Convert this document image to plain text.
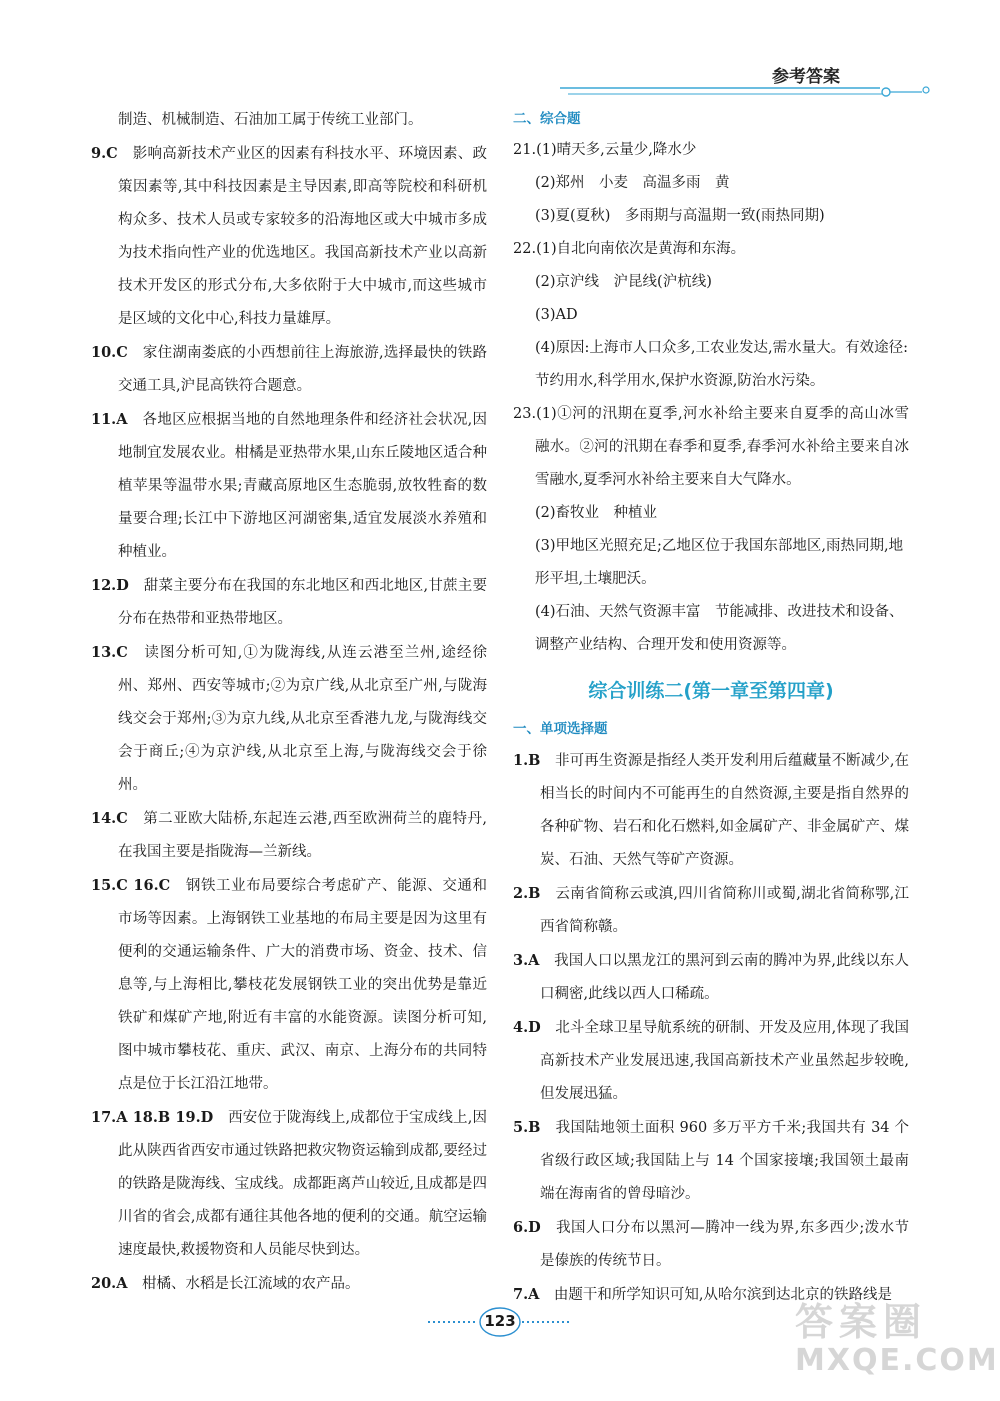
参考答案

制造、机械制造、石油加工属于传统工业部门。

9.C　 影响高新技术产业区的因素有科技水平、环境因素、政策因素等,其中科技因素是主导因素,即高等院校和科研机构众多、技术人员或专家较多的沿海地区或大中城市多成为技术指向性产业的优选地区。我国高新技术产业以高新技术开发区的形式分布,大多依附于大中城市,而这些城市是区域的文化中心,科技力量雄厚。

10.C　 家住湖南娄底的小西想前往上海旅游,选择最快的铁路交通工具,沪昆高铁符合题意。

11.A　 各地区应根据当地的自然地理条件和经济社会状况,因地制宜发展农业。柑橘是亚热带水果,山东丘陵地区适合种植苹果等温带水果;青藏高原地区生态脆弱,放牧牲畜的数量要合理;长江中下游地区河湖密集,适宜发展淡水养殖和种植业。

12.D　 甜菜主要分布在我国的东北地区和西北地区,甘蔗主要分布在热带和亚热带地区。

13.C　 读图分析可知,①为陇海线,从连云港至兰州,途经徐州、郑州、西安等城市;②为京广线,从北京至广州,与陇海线交会于郑州;③为京九线,从北京至香港九龙,与陇海线交会于商丘;④为京沪线,从北京至上海,与陇海线交会于徐州。

14.C　 第二亚欧大陆桥,东起连云港,西至欧洲荷兰的鹿特丹,在我国主要是指陇海—兰新线。

15.C 16.C　 钢铁工业布局要综合考虑矿产、能源、交通和市场等因素。上海钢铁工业基地的布局主要是因为这里有便利的交通运输条件、广大的消费市场、资金、技术、信息等,与上海相比,攀枝花发展钢铁工业的突出优势是靠近铁矿和煤矿产地,附近有丰富的水能资源。读图分析可知,图中城市攀枝花、重庆、武汉、南京、上海分布的共同特点是位于长江沿江地带。

17.A 18.B 19.D　 西安位于陇海线上,成都位于宝成线上,因此从陕西省西安市通过铁路把救灾物资运输到成都,要经过的铁路是陇海线、宝成线。成都距离芦山较近,且成都是四川省的省会,成都有通往其他各地的便利的交通。航空运输速度最快,救援物资和人员能尽快到达。

20.A　 柑橘、水稻是长江流域的农产品。

二、综合题

21.(1)晴天多,云量少,降水少
(2)郑州　小麦　高温多雨　黄
(3)夏(夏秋)　多雨期与高温期一致(雨热同期)
22.(1)自北向南依次是黄海和东海。
(2)京沪线　沪昆线(沪杭线)
(3)AD
(4)原因:上海市人口众多,工农业发达,需水量大。有效途径:节约用水,科学用水,保护水资源,防治水污染。
23.(1)①河的汛期在夏季,河水补给主要来自夏季的高山冰雪融水。②河的汛期在春季和夏季,春季河水补给主要来自冰雪融水,夏季河水补给主要来自大气降水。
(2)畜牧业　种植业
(3)甲地区光照充足;乙地区位于我国东部地区,雨热同期,地形平坦,土壤肥沃。
(4)石油、天然气资源丰富　节能减排、改进技术和设备、调整产业结构、合理开发和使用资源等。

综合训练二(第一章至第四章)

一、单项选择题

1.B　 非可再生资源是指经人类开发利用后蕴藏量不断减少,在相当长的时间内不可能再生的自然资源,主要是指自然界的各种矿物、岩石和化石燃料,如金属矿产、非金属矿产、煤炭、石油、天然气等矿产资源。

2.B　 云南省简称云或滇,四川省简称川或蜀,湖北省简称鄂,江西省简称赣。

3.A　 我国人口以黑龙江的黑河到云南的腾冲为界,此线以东人口稠密,此线以西人口稀疏。

4.D　 北斗全球卫星导航系统的研制、开发及应用,体现了我国高新技术产业发展迅速,我国高新技术产业虽然起步较晚,但发展迅猛。

5.B　 我国陆地领土面积 960 多万平方千米;我国共有 34 个省级行政区域;我国陆上与 14 个国家接壤;我国领土最南端在海南省的曾母暗沙。

6.D　 我国人口分布以黑河—腾冲一线为界,东多西少;泼水节是傣族的传统节日。

7.A　 由题干和所学知识可知,从哈尔滨到达北京的铁路线是

123	答案圈
MXQE.COM
